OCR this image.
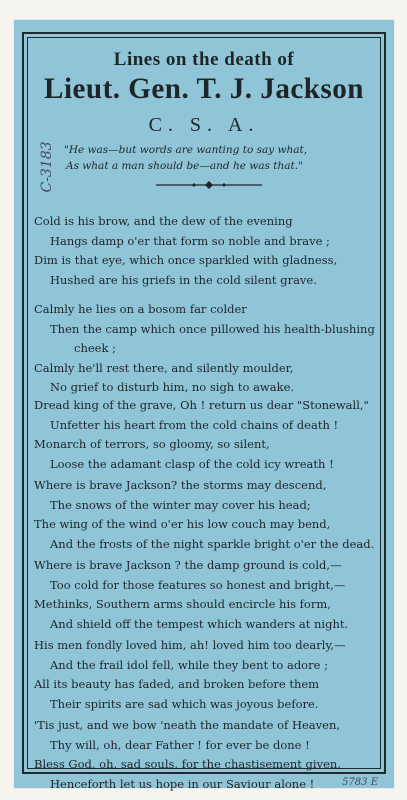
Lines on the death of
Lieut. Gen. T. J. Jackson
C. S. A.
"He was—but words are wanting to say what,
As what a man should be—and he was that."
Cold is his brow, and the dew of the evening
Hangs damp o'er that form so noble and brave ;
Dim is that eye, which once sparkled with gladness,
Hushed are his griefs in the cold silent grave.
Calmly he lies on a bosom far colder
Then the camp which once pillowed his health-blushing
cheek ;
Calmly he'll rest there, and silently moulder,
No grief to disturb him, no sigh to awake.
Dread king of the grave, Oh ! return us dear "Stonewall,"
Unfetter his heart from the cold chains of death !
Monarch of terrors, so gloomy, so silent,
Loose the adamant clasp of the cold icy wreath !
Where is brave Jackson? the storms may descend,
The snows of the winter may cover his head;
The wing of the wind o'er his low couch may bend,
And the frosts of the night sparkle bright o'er the dead.
Where is brave Jackson ? the damp ground is cold,—
Too cold for those features so honest and bright,—
Methinks, Southern arms should encircle his form,
And shield off the tempest which wanders at night.
His men fondly loved him, ah! loved him too dearly,—
And the frail idol fell, while they bent to adore ;
All its beauty has faded, and broken before them
Their spirits are sad which was joyous before.
'Tis just, and we bow 'neath the mandate of Heaven,
Thy will, oh, dear Father ! for ever be done !
Bless God, oh, sad souls, for the chastisement given,
Henceforth let us hope in our Saviour alone !
C-3183
5783 E
